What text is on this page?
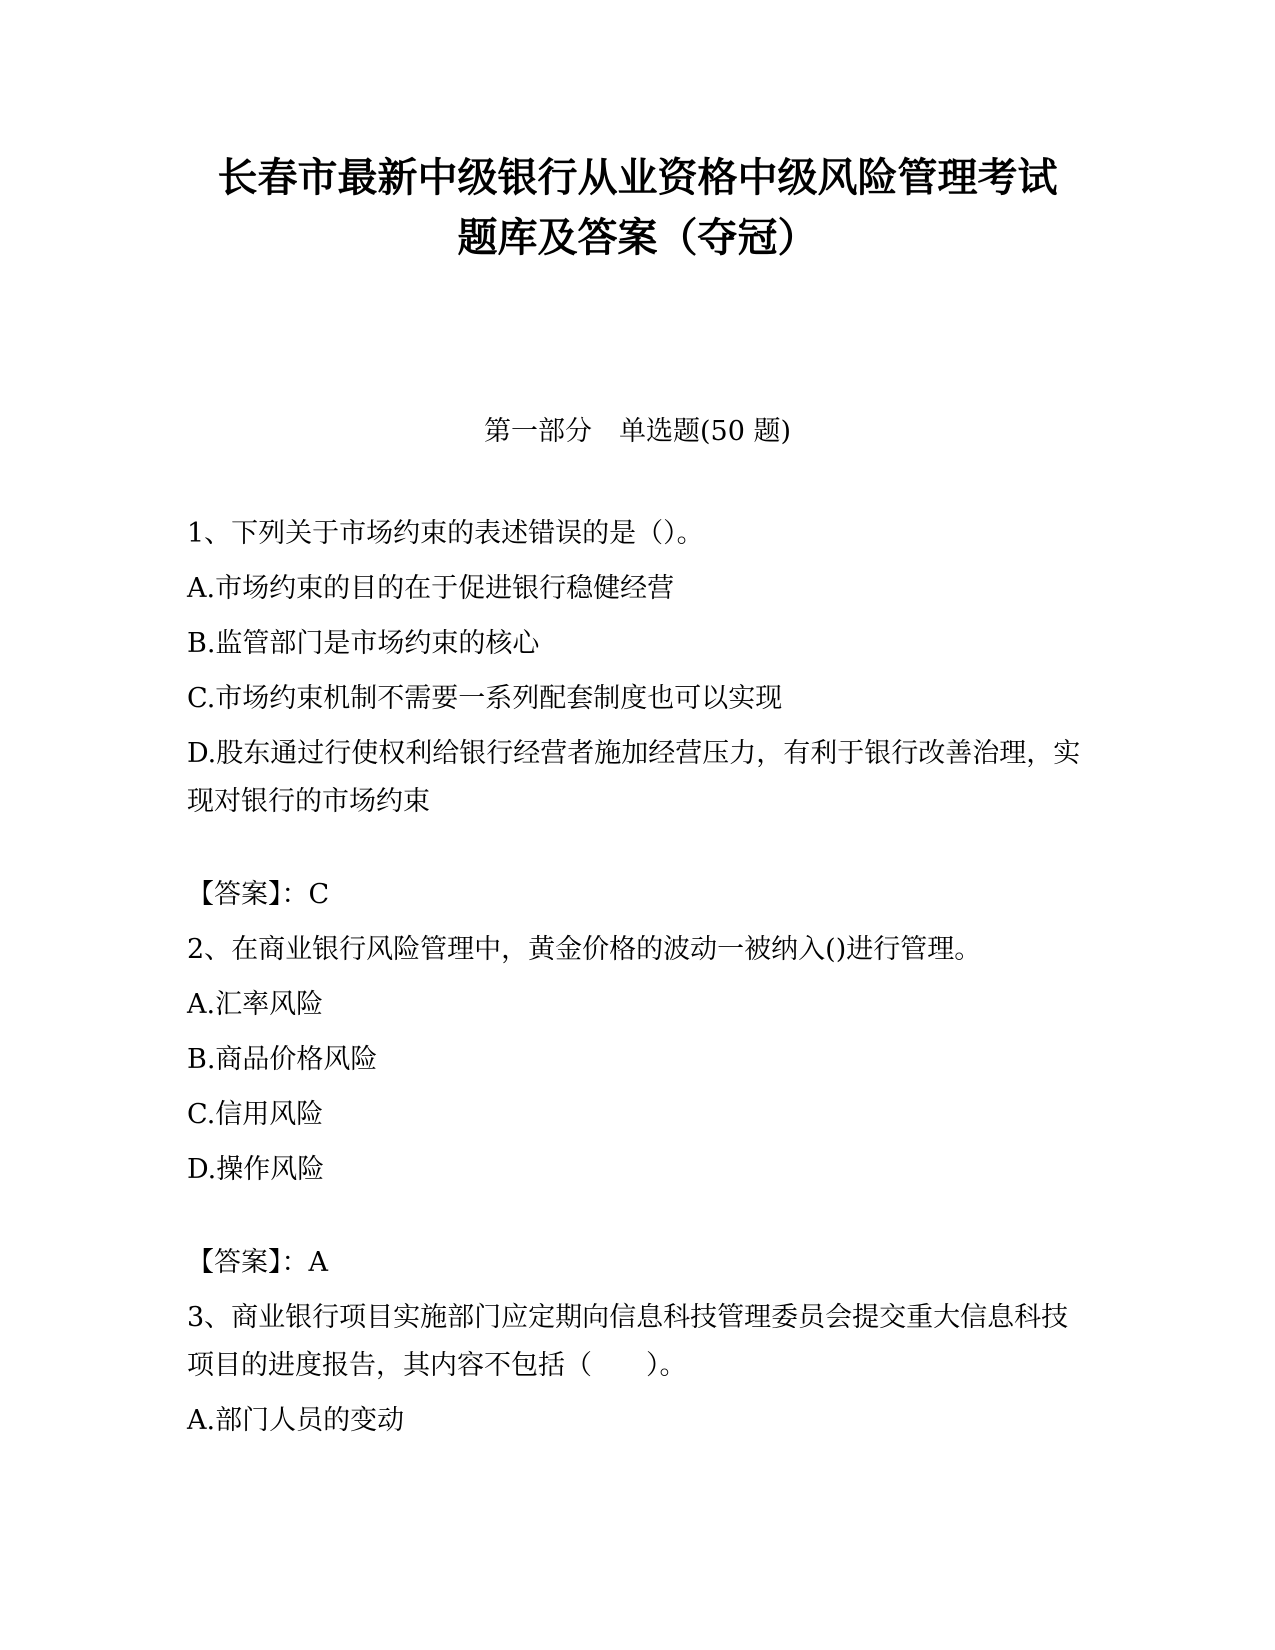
长春市最新中级银行从业资格中级风险管理考试
题库及答案（夺冠）
第一部分　单选题(50 题)

1、下列关于市场约束的表述错误的是（）。

A.市场约束的目的在于促进银行稳健经营

B.监管部门是市场约束的核心

C.市场约束机制不需要一系列配套制度也可以实现

D.股东通过行使权利给银行经营者施加经营压力，有利于银行改善治理，实现对银行的市场约束

【答案】：C

2、在商业银行风险管理中，黄金价格的波动一被纳入()进行管理。

A.汇率风险

B.商品价格风险

C.信用风险

D.操作风险

【答案】：A

3、商业银行项目实施部门应定期向信息科技管理委员会提交重大信息科技项目的进度报告，其内容不包括（　　）。

A.部门人员的变动
